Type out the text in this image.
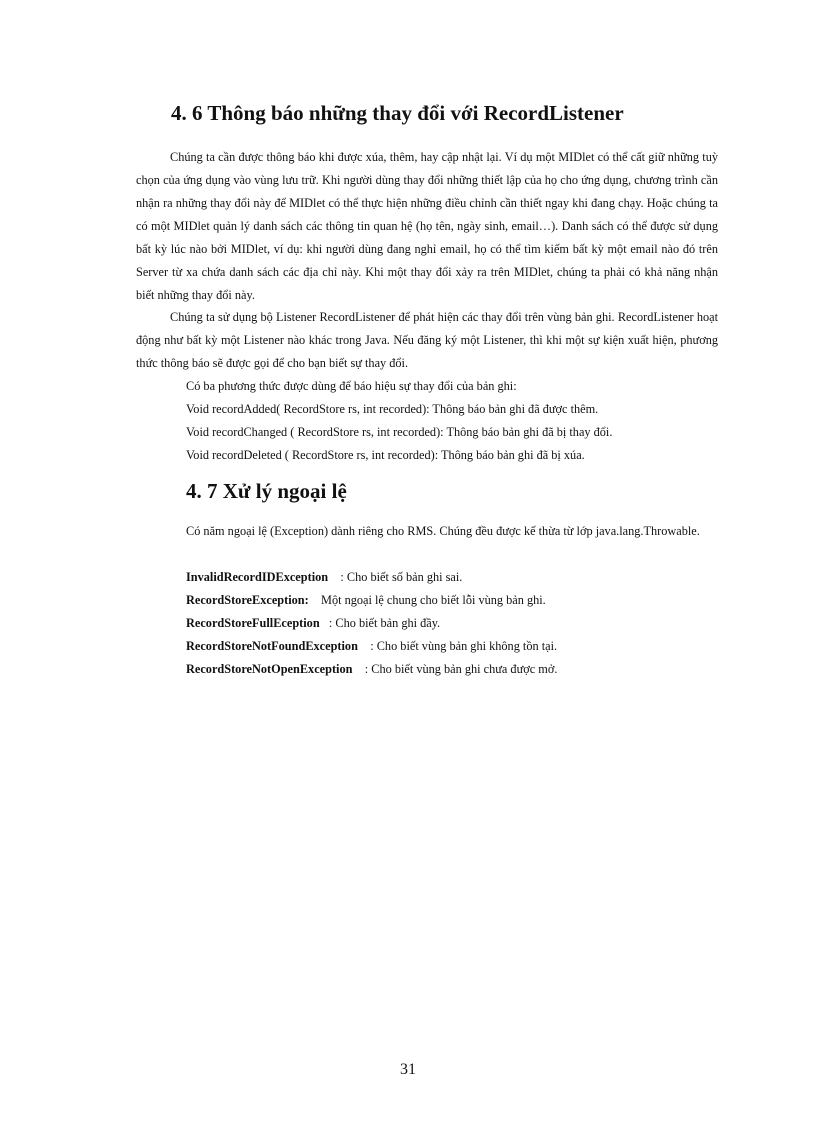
4. 6 Thông báo những thay đổi với RecordListener

Chúng ta cần được thông báo khi được xúa, thêm, hay cập nhật lại. Ví dụ một MIDlet có thể cất giữ những tuỳ chọn của ứng dụng vào vùng lưu trữ. Khi người dùng thay đổi những thiết lập của họ cho ứng dụng, chương trình cần nhận ra những thay đổi này để MIDlet có thể thực hiện những điều chỉnh cần thiết ngay khi đang chạy. Hoặc chúng ta có một MIDlet quản lý danh sách các thông tin quan hệ (họ tên, ngày sinh, email…). Danh sách có thể được sử dụng bất kỳ lúc nào bởi MIDlet, ví dụ: khi người dùng đang nghỉ email, họ có thể tìm kiếm bất kỳ một email nào đó trên Server từ xa chứa danh sách các địa chỉ này. Khi một thay đổi xảy ra trên MIDlet, chúng ta phải có khả năng nhận biết những thay đổi này.

Chúng ta sử dụng bộ Listener RecordListener để phát hiện các thay đổi trên vùng bản ghi. RecordListener hoạt động như bất kỳ một Listener nào khác trong Java. Nếu đăng ký một Listener, thì khi một sự kiện xuất hiện, phương thức thông báo sẽ được gọi để cho bạn biết sự thay đổi.

Có ba phương thức được dùng để báo hiệu sự thay đổi của bản ghi:

Void recordAdded( RecordStore rs, int recorded): Thông báo bản ghi đã được thêm.

Void recordChanged ( RecordStore rs, int recorded): Thông báo bản ghi đã bị thay đổi.

Void recordDeleted ( RecordStore rs, int recorded): Thông báo bản ghi đã bị xúa.

4. 7 Xử lý ngoại lệ

Có năm ngoại lệ (Exception) dành riêng cho RMS. Chúng đều được kế thừa từ lớp java.lang.Throwable.

InvalidRecordIDException : Cho biết số bản ghi sai.

RecordStoreException: Một ngoại lệ chung cho biết lỗi vùng bản ghi.

RecordStoreFullEception : Cho biết bản ghi đầy.

RecordStoreNotFoundException : Cho biết vùng bản ghi không tồn tại.

RecordStoreNotOpenException : Cho biết vùng bản ghi chưa được mở.

31
